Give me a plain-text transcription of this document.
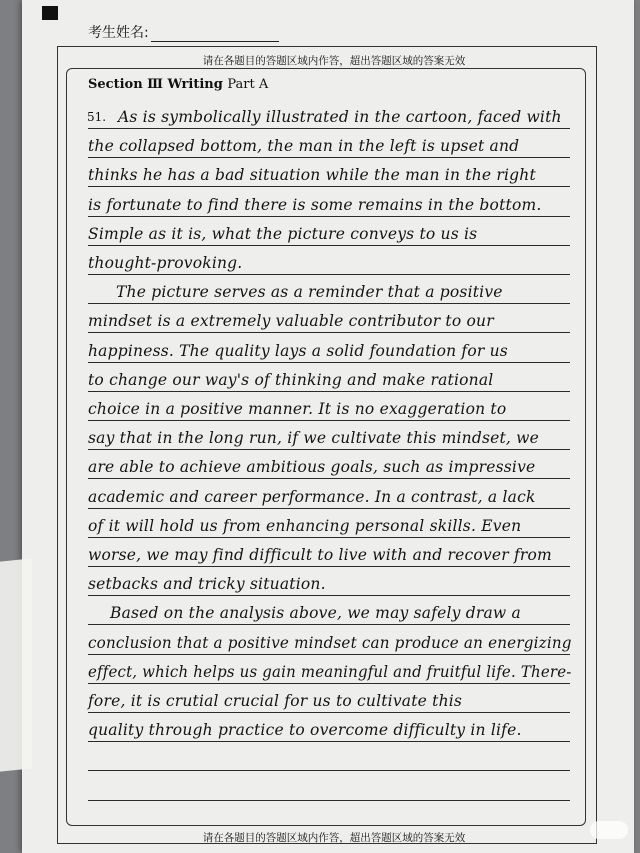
考生姓名:
请在各题目的答题区域内作答，超出答题区域的答案无效
Section Ⅲ Writing Part A
51. As is symbolically illustrated in the cartoon, faced with
the collapsed bottom, the man in the left is upset and
thinks he has a bad situation while the man in the right
is fortunate to find there is some remains in the bottom.
Simple as it is, what the picture conveys to us is
thought-provoking.
The picture serves as a reminder that a positive
mindset is a extremely valuable contributor to our
happiness. The quality lays a solid foundation for us
to change our way's of thinking and make rational
choice in a positive manner. It is no exaggeration to
say that in the long run, if we cultivate this mindset, we
are able to achieve ambitious goals, such as impressive
academic and career performance. In a contrast, a lack
of it will hold us from enhancing personal skills. Even
worse, we may find difficult to live with and recover from
setbacks and tricky situation.
Based on the analysis above, we may safely draw a
conclusion that a positive mindset can produce an energizing
effect, which helps us gain meaningful and fruitful life. There-
fore, it is crutial crucial for us to cultivate this
quality through practice to overcome difficulty in life.
请在各题目的答题区域内作答，超出答题区域的答案无效
